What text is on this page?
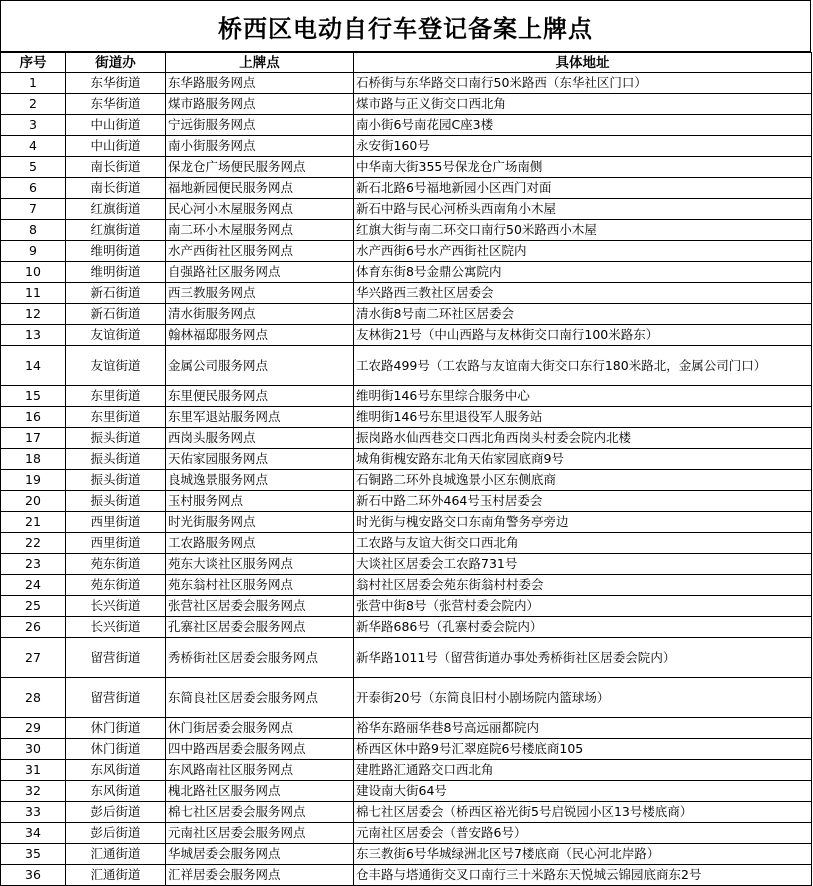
桥西区电动自行车登记备案上牌点
序号	街道办	上牌点	具体地址
1	东华街道	东华路服务网点	石桥街与东华路交口南行50米路西（东华社区门口）
2	东华街道	煤市路服务网点	煤市路与正义街交口西北角
3	中山街道	宁远街服务网点	南小街6号南花园C座3楼
4	中山街道	南小街服务网点	永安街160号
5	南长街道	保龙仓广场便民服务网点	中华南大街355号保龙仓广场南侧
6	南长街道	福地新园便民服务网点	新石北路6号福地新园小区西门对面
7	红旗街道	民心河小木屋服务网点	新石中路与民心河桥头西南角小木屋
8	红旗街道	南二环小木屋服务网点	红旗大街与南二环交口南行50米路西小木屋
9	维明街道	水产西街社区服务网点	水产西街6号水产西街社区院内
10	维明街道	自强路社区服务网点	体育东街8号金鼎公寓院内
11	新石街道	西三教服务网点	华兴路西三教社区居委会
12	新石街道	清水街服务网点	清水街8号南二环社区居委会
13	友谊街道	翰林福邸服务网点	友林街21号（中山西路与友林街交口南行100米路东）
14	友谊街道	金属公司服务网点	工农路499号（工农路与友谊南大街交口东行180米路北，金属公司门口）
15	东里街道	东里便民服务网点	维明街146号东里综合服务中心
16	东里街道	东里军退站服务网点	维明街146号东里退役军人服务站
17	振头街道	西岗头服务网点	振岗路水仙西巷交口西北角西岗头村委会院内北楼
18	振头街道	天佑家园服务网点	城角街槐安路东北角天佑家园底商9号
19	振头街道	良城逸景服务网点	石铜路二环外良城逸景小区东侧底商
20	振头街道	玉村服务网点	新石中路二环外464号玉村居委会
21	西里街道	时光街服务网点	时光街与槐安路交口东南角警务亭旁边
22	西里街道	工农路服务网点	工农路与友谊大街交口西北角
23	苑东街道	苑东大谈社区服务网点	大谈社区居委会工农路731号
24	苑东街道	苑东翁村社区服务网点	翁村社区居委会苑东街翁村村委会
25	长兴街道	张营社区居委会服务网点	张营中街8号（张营村委会院内）
26	长兴街道	孔寨社区居委会服务网点	新华路686号（孔寨村委会院内）
27	留营街道	秀桥街社区居委会服务网点	新华路1011号（留营街道办事处秀桥街社区居委会院内）
28	留营街道	东简良社区居委会服务网点	开泰街20号（东简良旧村小剧场院内篮球场）
29	休门街道	休门街居委会服务网点	裕华东路丽华巷8号高远丽都院内
30	休门街道	四中路西居委会服务网点	桥西区休中路9号汇翠庭院6号楼底商105
31	东风街道	东风路南社区服务网点	建胜路汇通路交口西北角
32	东风街道	槐北路社区服务网点	建设南大街64号
33	彭后街道	棉七社区居委会服务网点	棉七社区居委会（桥西区裕光街5号启锐园小区13号楼底商）
34	彭后街道	元南社区居委会服务网点	元南社区居委会（普安路6号）
35	汇通街道	华城居委会服务网点	东三教街6号华城绿洲北区号7楼底商（民心河北岸路）
36	汇通街道	汇祥居委会服务网点	仓丰路与塔通街交叉口南行三十米路东天悦城云锦园底商东2号
